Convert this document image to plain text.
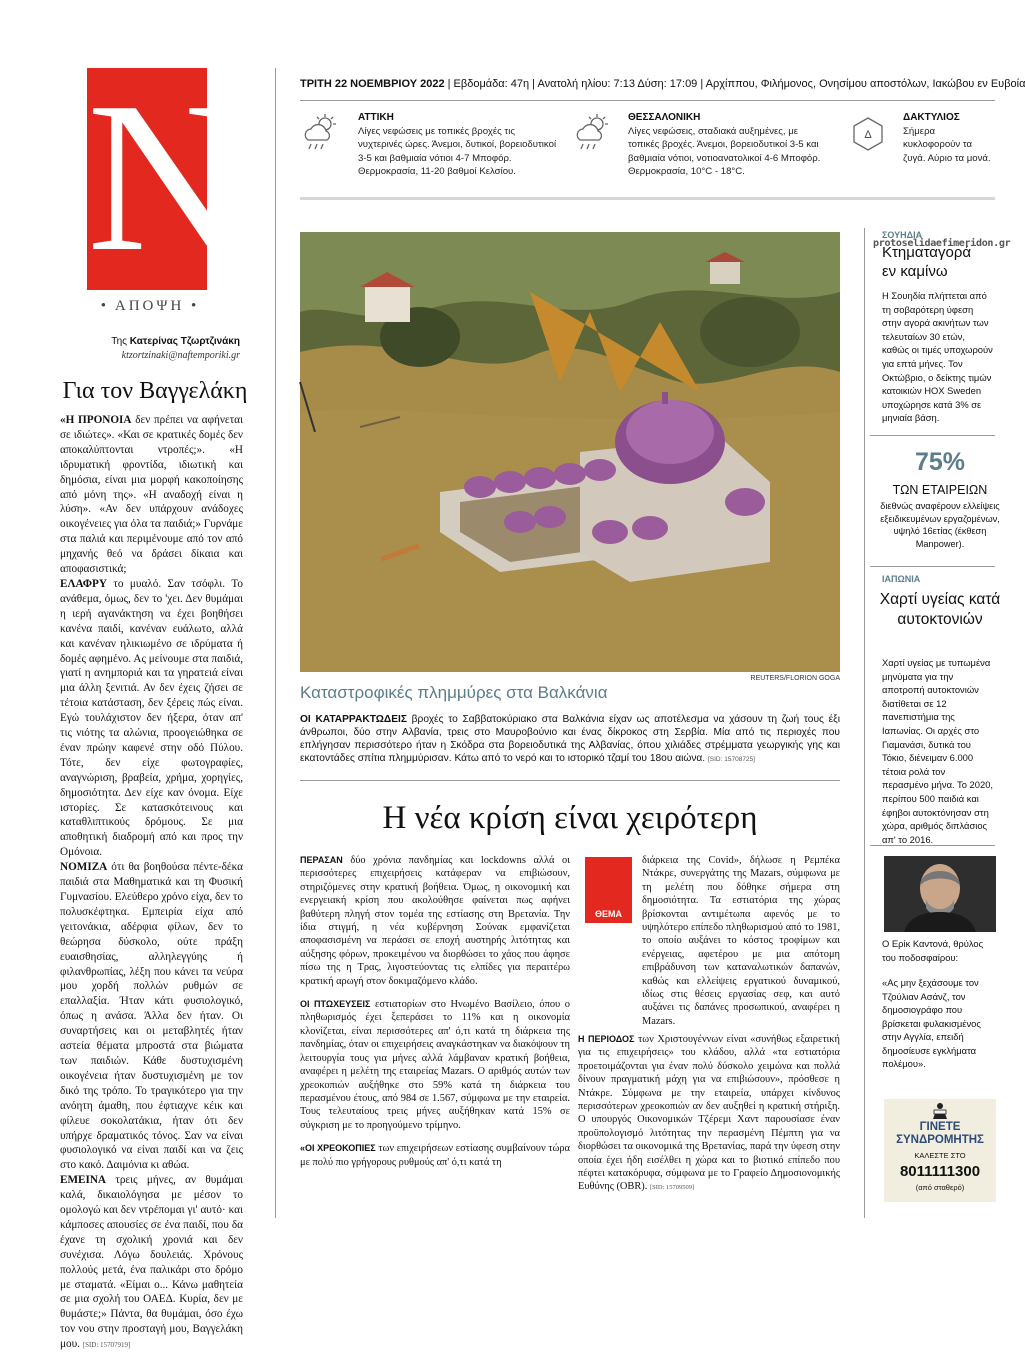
N
• ΑΠΟΨΗ •
Της Κατερίνας Τζωρτζινάκη
ktzortzinaki@naftemporiki.gr
Για τον Βαγγελάκη

«Η ΠΡΟΝΟΙΑ δεν πρέπει να αφήνεται σε ιδιώτες». «Και σε κρατικές δομές δεν αποκαλύπτονται ντροπές;». «Η ιδρυματική φροντίδα, ιδιωτική και δημόσια, είναι μια μορφή κακοποίησης από μόνη της». «Η αναδοχή είναι η λύση». «Αν δεν υπάρχουν ανάδοχες οικογένειες για όλα τα παιδιά;» Γυρνάμε στα παλιά και περιμένουμε από τον από μηχανής θεό να δράσει δίκαια και αποφασιστικά;

ΕΛΑΦΡΥ το μυαλό. Σαν τσόφλι. Το ανάθεμα, όμως, δεν το 'χει. Δεν θυμάμαι η ιερή αγανάκτηση να έχει βοηθήσει κανένα παιδί, κανέναν ευάλωτο, αλλά και κανέναν ηλικιωμένο σε ιδρύματα ή δομές αφημένο. Ας μείνουμε στα παιδιά, γιατί η ανημποριά και τα γηρατειά είναι μια άλλη ξενιτιά. Αν δεν έχεις ζήσει σε τέτοια κατάσταση, δεν ξέρεις πώς είναι. Εγώ τουλάχιστον δεν ήξερα, όταν απ' τις νιότης τα αλώνια, προογειώθηκα σε έναν πρώην καφενέ στην οδό Πύλου. Τότε, δεν είχε φωτογραφίες, αναγνώριση, βραβεία, χρήμα, χορηγίες, δημοσιότητα. Δεν είχε καν όνομα. Είχε ιστορίες. Σε κατασκότεινους και καταθλιπτικούς δρόμους. Σε μια αποθητική διαδρομή από και προς την Ομόνοια.

ΝΟΜΙΖΑ ότι θα βοηθούσα πέντε-δέκα παιδιά στα Μαθηματικά και τη Φυσική Γυμνασίου. Ελεύθερο χρόνο είχα, δεν το πολυσκέφτηκα. Εμπειρία είχα από γειτονάκια, αδέρφια φίλων, δεν το θεώρησα δύσκολο, ούτε πράξη ευαισθησίας, αλληλεγγύης ή φιλανθρωπίας, λέξη που κάνει τα νεύρα μου χορδή πολλών ρυθμών σε επαλλαξία. Ήταν κάτι φυσιολογικό, όπως η ανάσα. Άλλα δεν ήταν. Οι συναρτήσεις και οι μεταβλητές ήταν αστεία θέματα μπροστά στα βιώματα των παιδιών. Κάθε δυστυχισμένη οικογένεια ήταν δυστυχισμένη με τον δικό της τρόπο. Το τραγικότερο για την ανόητη άμαθη, που έφτιαχνε κέικ και φίλευε σοκολατάκια, ήταν ότι δεν υπήρχε δραματικός τόνος. Σαν να είναι φυσιολογικό να είναι παιδί και να ζεις στο κακό. Δαιμόνια κι αθώα.

ΕΜΕΙΝΑ τρεις μήνες, αν θυμάμαι καλά, δικαιολόγησα με μέσον το ομολογώ και δεν ντρέπομαι γι' αυτό· και κάμποσες απουσίες σε ένα παιδί, που δα έχανε τη σχολική χρονιά και δεν συνέχισα. Λόγω δουλειάς. Χρόνους πολλούς μετά, ένα παλικάρι στο δρόμο με σταματά. «Είμαι ο... Κάνω μαθητεία σε μια σχολή του ΟΑΕΔ. Κυρία, δεν με θυμάστε;» Πάντα, θα θυμάμαι, όσο έχω τον νου στην προσταγή μου, Βαγγελάκη μου. [SID: 15707919]

ΤΡΙΤΗ 22 ΝΟΕΜΒΡΙΟΥ 2022 | Εβδομάδα: 47η | Ανατολή ηλίου: 7:13 Δύση: 17:09 | Αρχίππου, Φιλήμονος, Ονησίμου αποστόλων, Ιακώβου εν Ευβοία
ΑΤΤΙΚΗ
Λίγες νεφώσεις με τοπικές βροχές τις νυχτερινές ώρες. Άνεμοι, δυτικοί, βορειοδυτικοί 3-5 και βαθμιαία νότιοι 4-7 Μποφόρ. Θερμοκρασία, 11-20 βαθμοί Κελσίου.
ΘΕΣΣΑΛΟΝΙΚΗ
Λίγες νεφώσεις, σταδιακά αυξημένες, με τοπικές βροχές. Άνεμοι, βορειοδυτικοί 3-5 και βαθμιαία νότιοι, νοτιοανατολικοί 4-6 Μποφόρ. Θερμοκρασία, 10°C - 18°C.
Δ
ΔΑΚΤΥΛΙΟΣ
Σήμερα κυκλοφορούν τα ζυγά. Αύριο τα μονά.
REUTERS/FLORION GOGA
Καταστροφικές πλημμύρες στα Βαλκάνια
ΟΙ ΚΑΤΑΡΡΑΚΤΩΔΕΙΣ βροχές το Σαββατοκύριακο στα Βαλκάνια είχαν ως αποτέλεσμα να χάσουν τη ζωή τους έξι άνθρωποι, δύο στην Αλβανία, τρεις στο Μαυροβούνιο και ένας δίκροκος στη Σερβία. Μία από τις περιοχές που επλήγησαν περισσότερο ήταν η Σκόδρα στα βορειοδυτικά της Αλβανίας, όπου χιλιάδες στρέμματα γεωργικής γης και εκατοντάδες σπίτια πλημμύρισαν. Κάτω από το νερό και το ιστορικό τζαμί του 18ου αιώνα. [SID: 15708725]
Η νέα κρίση είναι χειρότερη

ΠΕΡΑΣΑΝ δύο χρόνια πανδημίας και lockdowns αλλά οι περισσότερες επιχειρήσεις κατάφεραν να επιβιώσουν, στηριζόμενες στην κρατική βοήθεια. Όμως, η οικονομική και ενεργειακή κρίση που ακολούθησε φαίνεται πως αφήνει βαθύτερη πληγή στον τομέα της εστίασης στη Βρετανία. Την ίδια στιγμή, η νέα κυβέρνηση Σούνακ εμφανίζεται αποφασισμένη να περάσει σε εποχή αυστηρής λιτότητας και αύξησης φόρων, προκειμένου να διορθώσει το χάος που άφησε πίσω της η Τρας, λιγοστεύοντας τις ελπίδες για περαιτέρω κρατική αρωγή στον δοκιμαζόμενο κλάδο.

ΟΙ ΠΤΩΧΕΥΣΕΙΣ εστιατορίων στο Ηνωμένο Βασίλειο, όπου ο πληθωρισμός έχει ξεπεράσει το 11% και η οικονομία κλονίζεται, είναι περισσότερες απ' ό,τι κατά τη διάρκεια της πανδημίας, όταν οι επιχειρήσεις αναγκάστηκαν να διακόψουν τη λειτουργία τους για μήνες αλλά λάμβαναν κρατική βοήθεια, αναφέρει η μελέτη της εταιρείας Mazars. Ο αριθμός αυτών των χρεοκοπιών αυξήθηκε στο 59% κατά τη διάρκεια του περασμένου έτους, από 984 σε 1.567, σύμφωνα με την εταιρεία. Τους τελευταίους τρεις μήνες αυξήθηκαν κατά 15% σε σύγκριση με το προηγούμενο τρίμηνο.

«ΟΙ ΧΡΕΟΚΟΠΙΕΣ των επιχειρήσεων εστίασης συμβαίνουν τώρα με πολύ πιο γρήγορους ρυθμούς απ' ό,τι κατά τη

ΘΕΜΑ

διάρκεια της Covid», δήλωσε η Ρεμπέκα Ντάκρε, συνεργάτης της Mazars, σύμφωνα με τη μελέτη που δόθηκε σήμερα στη δημοσιότητα. Τα εστιατόρια της χώρας βρίσκονται αντιμέτωπα αφενός με το υψηλότερο επίπεδο πληθωρισμού από το 1981, το οποίο αυξάνει το κόστος τροφίμων και ενέργειας, αφετέρου με μια απότομη επιβράδυνση των καταναλωτικών δαπανών, καθώς και ελλείψεις εργατικού δυναμικού, ιδίως στις θέσεις εργασίας σεφ, και αυτό αυξάνει τις δαπάνες προσωπικού, αναφέρει η Mazars.

Η ΠΕΡΙΟΔΟΣ των Χριστουγέννων είναι «συνήθως εξαιρετική για τις επιχειρήσεις» του κλάδου, αλλά «τα εστιατόρια προετοιμάζονται για έναν πολύ δύσκολο χειμώνα και πολλά δίνουν πραγματική μάχη για να επιβιώσουν», πρόσθεσε η Ντάκρε. Σύμφωνα με την εταιρεία, υπάρχει κίνδυνος περισσότερων χρεοκοπιών αν δεν αυξηθεί η κρατική στήριξη. Ο υπουργός Οικονομικών Τζέρεμι Χαντ παρουσίασε έναν προϋπολογισμό λιτότητας την περασμένη Πέμπτη για να διορθώσει τα οικονομικά της Βρετανίας, παρά την ύφεση στην οποία έχει ήδη εισέλθει η χώρα και το βιοτικό επίπεδο που πέφτει κατακόρυφα, σύμφωνα με το Γραφείο Δημοσιονομικής Ευθύνης (OBR). [SID: 15709509]

ΣΟΥΗΔΙΑ
protoselidaefimeridon.gr
Κτηματαγορά
εν καμίνω
Η Σουηδία πλήττεται από τη σοβαρότερη ύφεση στην αγορά ακινήτων των τελευταίων 30 ετών, καθώς οι τιμές υποχωρούν για επτά μήνες. Τον Οκτώβριο, ο δείκτης τιμών κατοικιών HOX Sweden υποχώρησε κατά 3% σε μηνιαία βάση.
75%
ΤΩΝ ΕΤΑΙΡΕΙΩΝ
διεθνώς αναφέρουν ελλείψεις εξειδικευμένων εργαζομένων, υψηλό 16ετίας (έκθεση Manpower).
ΙΑΠΩΝΙΑ
Χαρτί υγείας κατά αυτοκτονιών
Χαρτί υγείας με τυπωμένα μηνύματα για την αποτροπή αυτοκτονιών διατίθεται σε 12 πανεπιστήμια της Ιαπωνίας. Οι αρχές στο Γιαμανάσι, δυτικά του Τόκιο, διένειμαν 6.000 τέτοια ρολά τον περασμένο μήνα. Το 2020, περίπου 500 παιδιά και έφηβοι αυτοκτόνησαν στη χώρα, αριθμός διπλάσιος απ' το 2016.
Ο Ερίκ Καντονά, θρύλος του ποδοσφαίρου:
«Ας μην ξεχάσουμε τον Τζούλιαν Ασάνζ, τον δημοσιογράφο που βρίσκεται φυλακισμένος στην Αγγλία, επειδή δημοσίευσε εγκλήματα πολέμου».
ΓΙΝΕΤΕ ΣΥΝΔΡΟΜΗΤΗΣ
ΚΑΛΕΣΤΕ ΣΤΟ
8011111300
(από σταθερό)
